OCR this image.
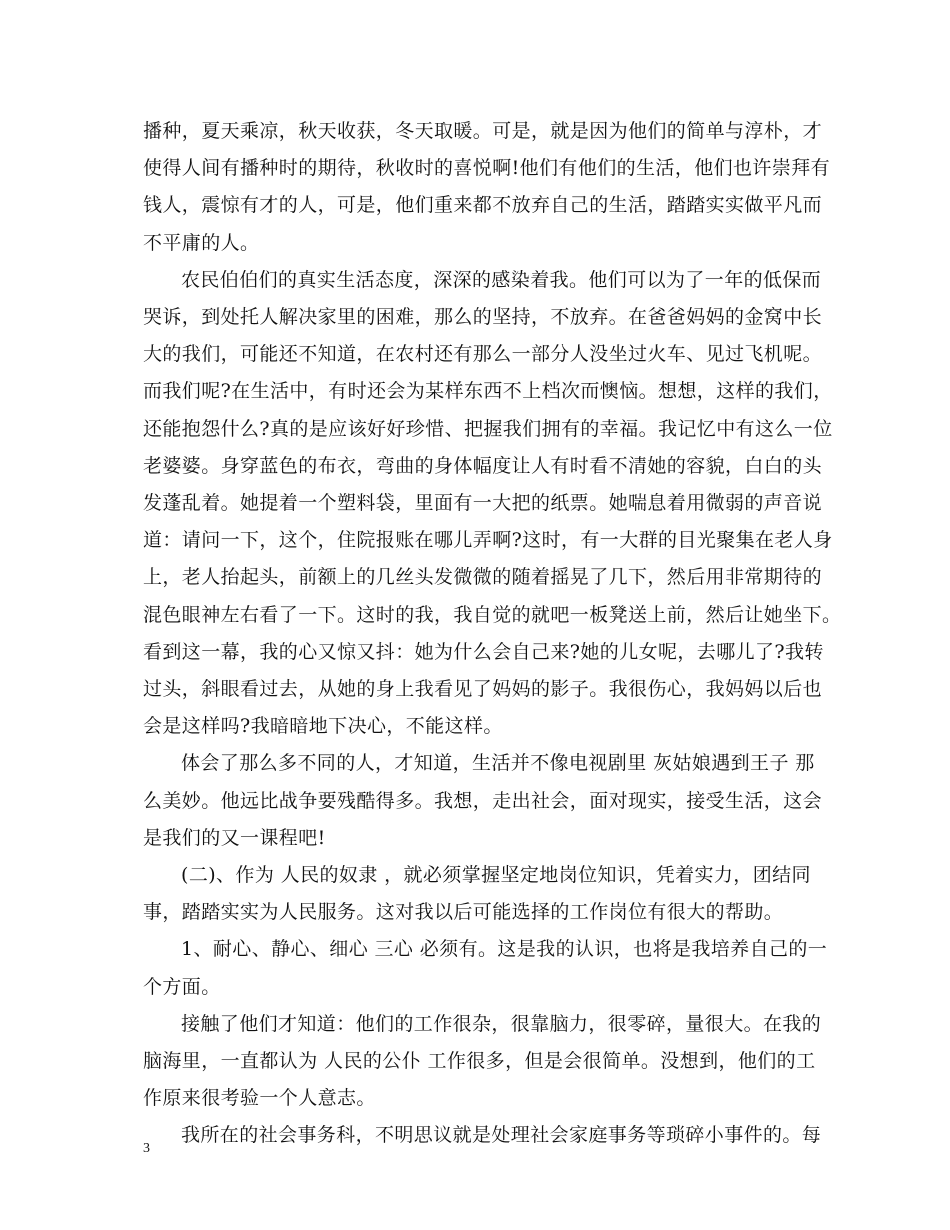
播种，夏天乘凉，秋天收获，冬天取暖。可是，就是因为他们的简单与淳朴，才
使得人间有播种时的期待，秋收时的喜悦啊!他们有他们的生活，他们也许崇拜有
钱人，震惊有才的人，可是，他们重来都不放弃自己的生活，踏踏实实做平凡而
不平庸的人。
农民伯伯们的真实生活态度，深深的感染着我。他们可以为了一年的低保而
哭诉，到处托人解决家里的困难，那么的坚持，不放弃。在爸爸妈妈的金窝中长
大的我们，可能还不知道，在农村还有那么一部分人没坐过火车、见过飞机呢。
而我们呢?在生活中，有时还会为某样东西不上档次而懊恼。想想，这样的我们，
还能抱怨什么?真的是应该好好珍惜、把握我们拥有的幸福。我记忆中有这么一位
老婆婆。身穿蓝色的布衣，弯曲的身体幅度让人有时看不清她的容貌，白白的头
发蓬乱着。她提着一个塑料袋，里面有一大把的纸票。她喘息着用微弱的声音说
道：请问一下，这个，住院报账在哪儿弄啊?这时，有一大群的目光聚集在老人身
上，老人抬起头，前额上的几丝头发微微的随着摇晃了几下，然后用非常期待的
混色眼神左右看了一下。这时的我，我自觉的就吧一板凳送上前，然后让她坐下。
看到这一幕，我的心又惊又抖：她为什么会自己来?她的儿女呢，去哪儿了?我转
过头，斜眼看过去，从她的身上我看见了妈妈的影子。我很伤心，我妈妈以后也
会是这样吗?我暗暗地下决心，不能这样。
体会了那么多不同的人，才知道，生活并不像电视剧里 灰姑娘遇到王子 那
么美妙。他远比战争要残酷得多。我想，走出社会，面对现实，接受生活，这会
是我们的又一课程吧!
(二)、作为 人民的奴隶 ，就必须掌握坚定地岗位知识，凭着实力，团结同
事，踏踏实实为人民服务。这对我以后可能选择的工作岗位有很大的帮助。
1、耐心、静心、细心 三心 必须有。这是我的认识，也将是我培养自己的一
个方面。
接触了他们才知道：他们的工作很杂，很靠脑力，很零碎，量很大。在我的
脑海里，一直都认为 人民的公仆 工作很多，但是会很简单。没想到，他们的工
作原来很考验一个人意志。
我所在的社会事务科，不明思议就是处理社会家庭事务等琐碎小事件的。每
3
